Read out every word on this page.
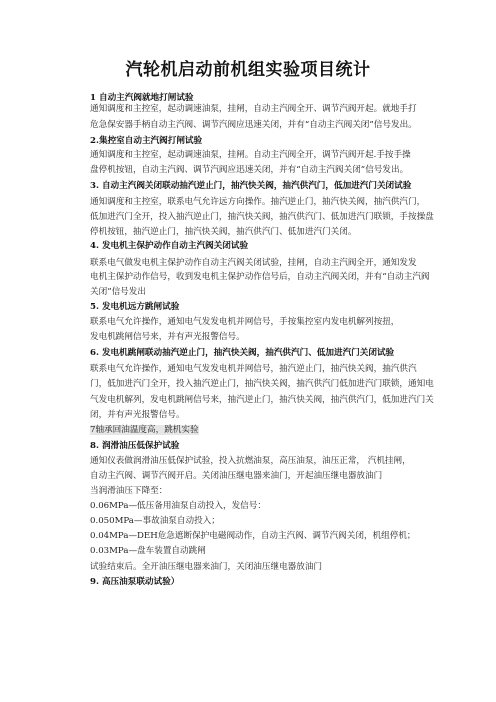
汽轮机启动前机组实验项目统计
1 自动主汽阀就地打闸试验
通知调度和主控室，起动调速油泵，挂闸，自动主汽阀全开、调节汽阀开起。就地手打
危急保安器手柄自动主汽阀、调节汽阀应迅速关闭，并有“自动主汽阀关闭”信号发出。
2.集控室自动主汽阀打闸试验
通知调度和主控室，起动调速油泵，挂闸。自动主汽阀全开，调节汽阀开起.手按手操
盘停机按钮，自动主汽阀、调节汽阀应迅速关闭，并有“自动主汽阀关闭”信号发出。
3. 自动主汽阀关闭联动抽汽逆止门，抽汽快关阀，抽汽供汽门，低加进汽门关闭试验
通知调度和主控室，联系电气允许远方向操作。抽汽逆止门，抽汽快关阀，抽汽供汽门，
低加进汽门全开，投入抽汽逆止门，抽汽快关阀，抽汽供汽门、低加进汽门联锁，手按操盘
停机按钮，抽汽逆止门，抽汽快关阀，抽汽供汽门、低加进汽门关闭。
4. 发电机主保护动作自动主汽阀关闭试验
联系电气做发电机主保护动作自动主汽阀关闭试验，挂闸，自动主汽阀全开，通知发发
电机主保护动作信号，收到发电机主保护动作信号后，自动主汽阀关闭，并有“自动主汽阀
关闭”信号发出
5. 发电机远方跳闸试验
联系电气允许操作，通知电气发发电机并网信号，手按集控室内发电机解列按扭，
发电机跳闸信号来，并有声光报警信号。
6. 发电机跳闸联动抽汽逆止门，抽汽快关阀，抽汽供汽门、低加进汽门关闭试验
联系电气允许操作，通知电气发发电机并网信号，抽汽逆止门，抽汽快关阀，抽汽供汽
门，低加进汽门全开，投入抽汽逆止门，抽汽快关阀，抽汽供汽门低加进汽门联锁，通知电
气发电机解列，发电机跳闸信号来，抽汽逆止门，抽汽快关阀，抽汽供汽门，低加进汽门关
闭，并有声光报警信号。
7轴承回油温度高，跳机实验
8. 润滑油压低保护试验
通知仪表做润滑油压低保护试验，投入抗燃油泵，高压油泵，油压正常， 汽机挂闸，
自动主汽阀、调节汽阀开启。关闭油压继电器来油门，开起油压继电器放油门
当润滑油压下降至：
0.06MPa—低压备用油泵自动投入，发信号：
0.050MPa—事故油泵自动投入；
0.04MPa—DEH危急遮断保护电磁阀动作，自动主汽阀、调节汽阀关闭，机组停机；
0.03MPa—盘车装置自动跳闸
试验结束后。全开油压继电器来油门，关闭油压继电器放油门
9. 高压油泵联动试验）
